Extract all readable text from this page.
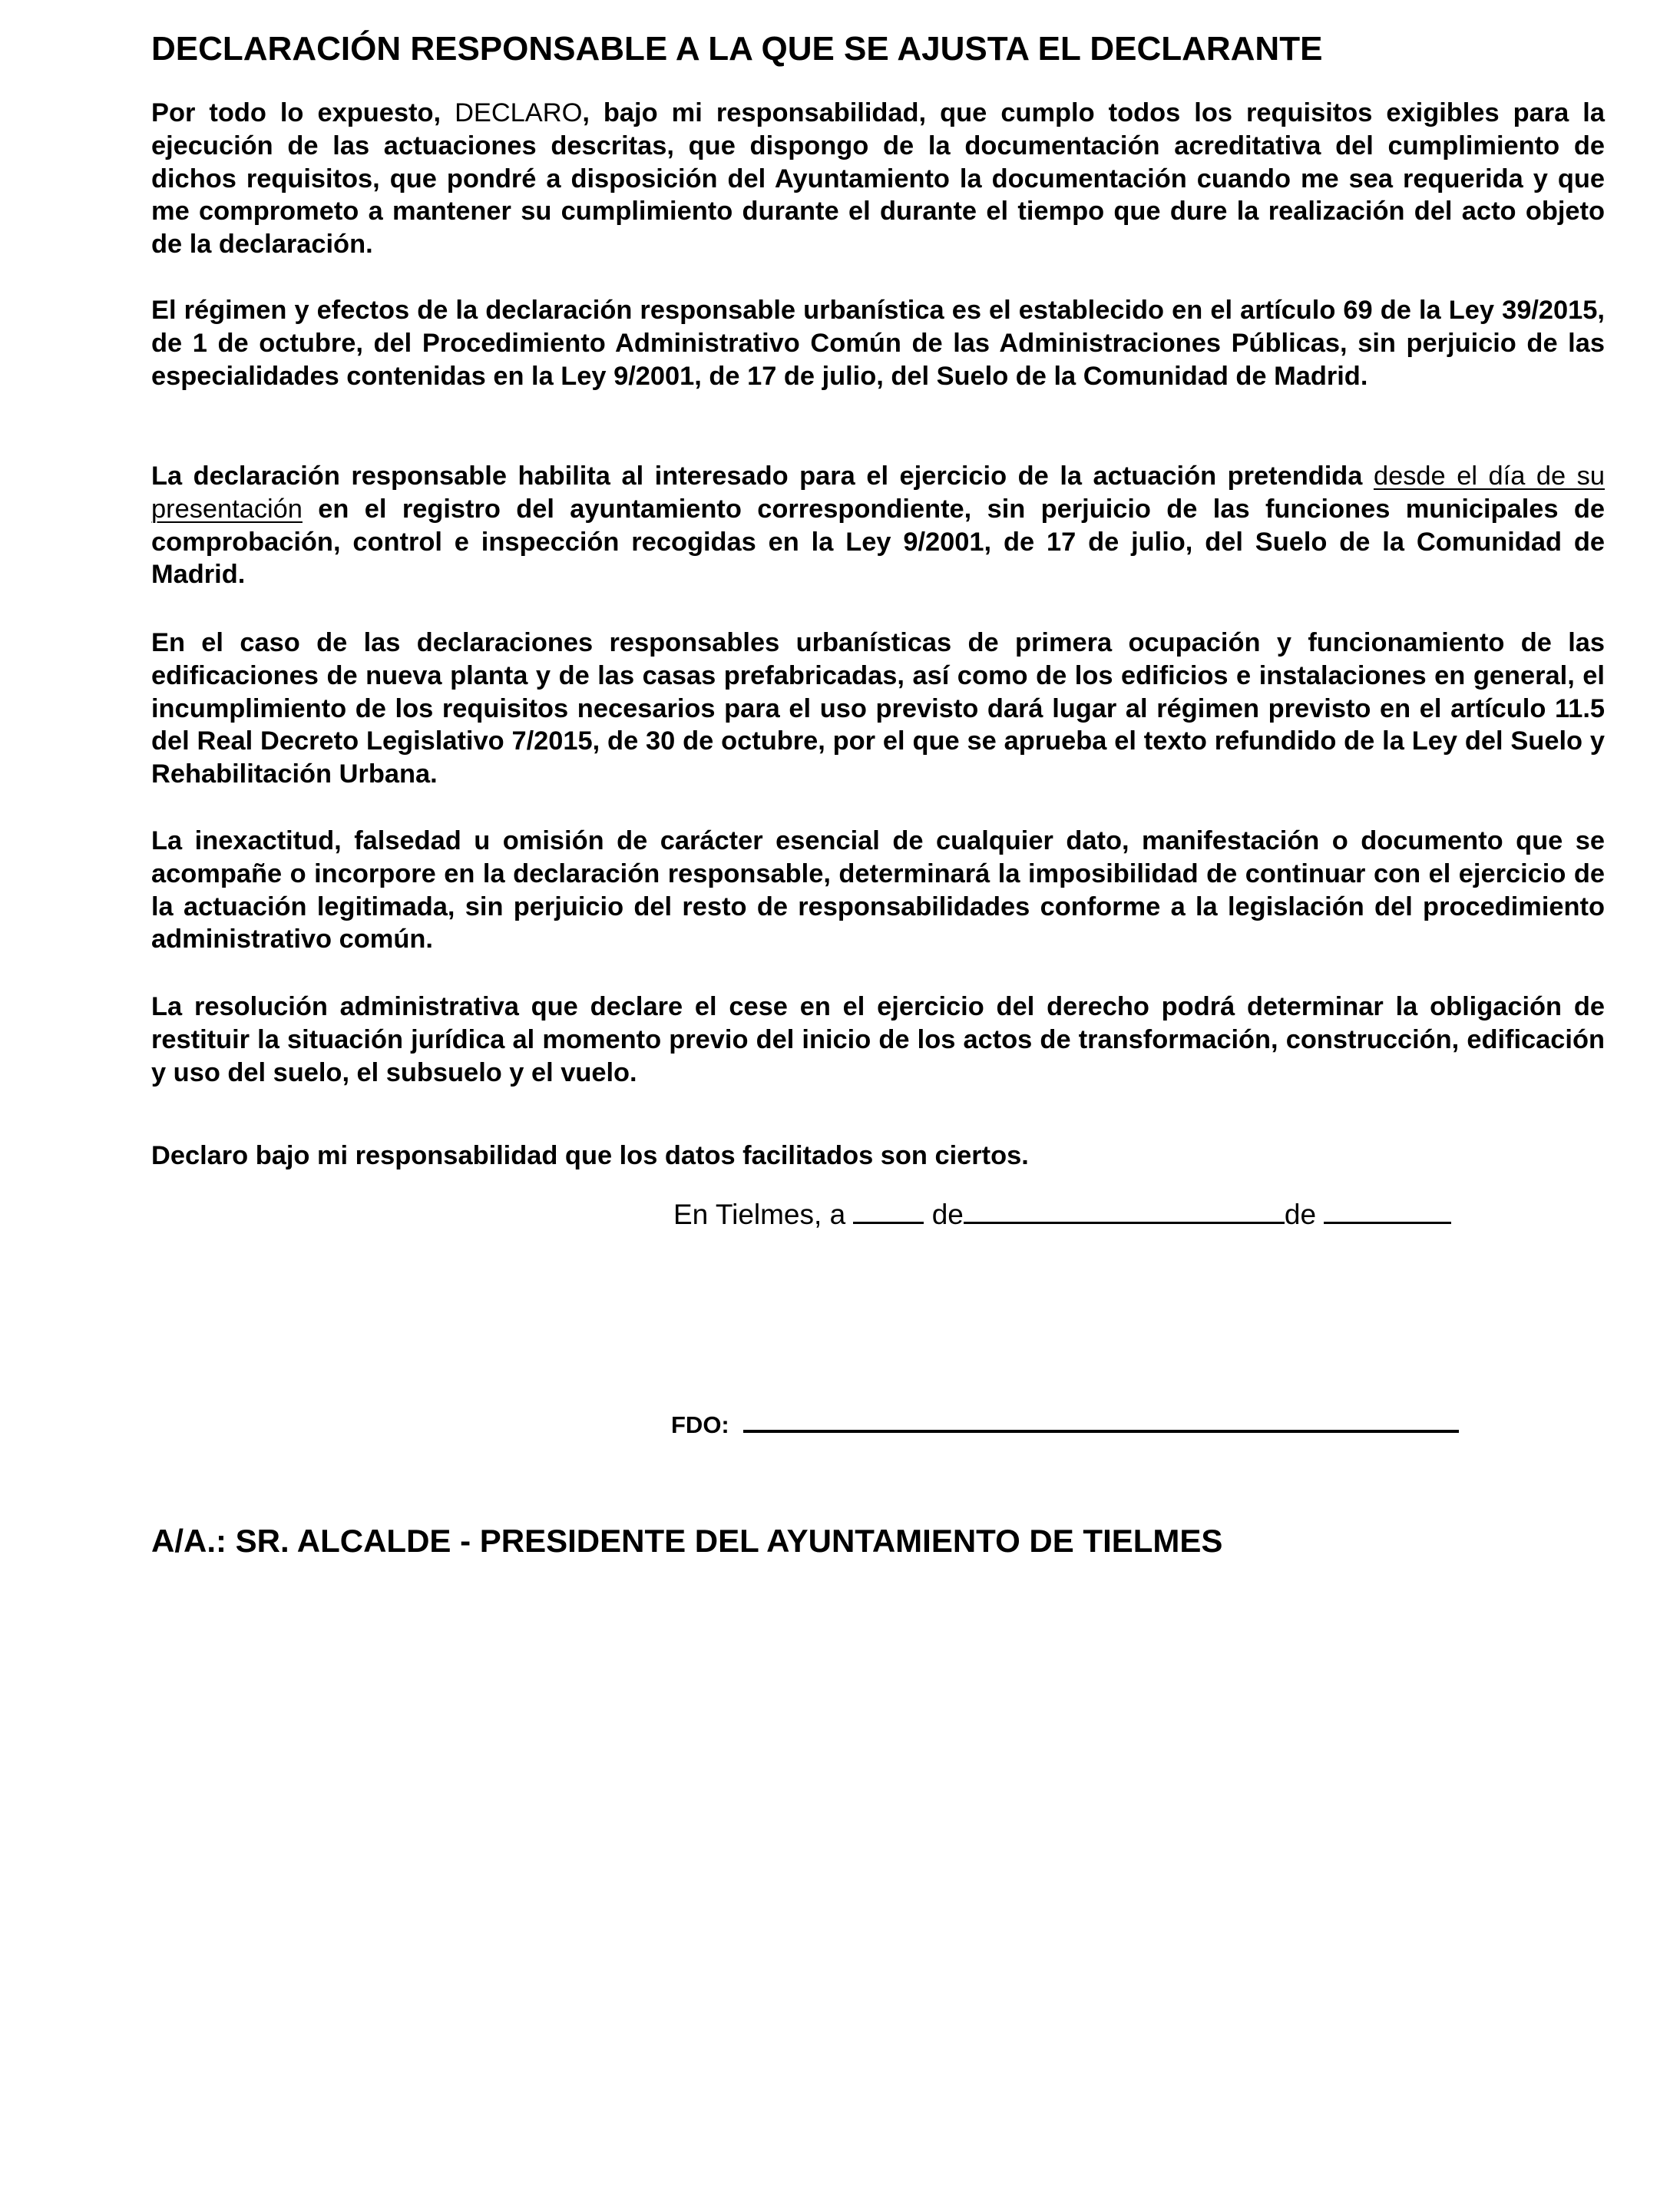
DECLARACIÓN RESPONSABLE A LA QUE SE AJUSTA EL DECLARANTE

Por todo lo expuesto, DECLARO, bajo mi responsabilidad, que cumplo todos los requisitos exigibles para la ejecución de las actuaciones descritas, que dispongo de la documentación acreditativa del cumplimiento de dichos requisitos, que pondré a disposición del Ayuntamiento la documentación cuando me sea requerida y que me comprometo a mantener su cumplimiento durante el durante el tiempo que dure la realización del acto objeto de la declaración.

El régimen y efectos de la declaración responsable urbanística es el establecido en el artículo 69 de la Ley 39/2015, de 1 de octubre, del Procedimiento Administrativo Común de las Administraciones Públicas, sin perjuicio de las especialidades contenidas en la Ley 9/2001, de 17 de julio, del Suelo de la Comunidad de Madrid.

La declaración responsable habilita al interesado para el ejercicio de la actuación pretendida desde el día de su presentación en el registro del ayuntamiento correspondiente, sin perjuicio de las funciones municipales de comprobación, control e inspección recogidas en la Ley 9/2001, de 17 de julio, del Suelo de la Comunidad de Madrid.

En el caso de las declaraciones responsables urbanísticas de primera ocupación y funcionamiento de las edificaciones de nueva planta y de las casas prefabricadas, así como de los edificios e instalaciones en general, el incumplimiento de los requisitos necesarios para el uso previsto dará lugar al régimen previsto en el artículo 11.5 del Real Decreto Legislativo 7/2015, de 30 de octubre, por el que se aprueba el texto refundido de la Ley del Suelo y Rehabilitación Urbana.

La inexactitud, falsedad u omisión de carácter esencial de cualquier dato, manifestación o documento que se acompañe o incorpore en la declaración responsable, determinará la imposibilidad de continuar con el ejercicio de la actuación legitimada, sin perjuicio del resto de responsabilidades conforme a la legislación del procedimiento administrativo común.

La resolución administrativa que declare el cese en el ejercicio del derecho podrá determinar la obligación de restituir la situación jurídica al momento previo del inicio de los actos de transformación, construcción, edificación y uso del suelo, el subsuelo y el vuelo.

Declaro bajo mi responsabilidad que los datos facilitados son ciertos.

En Tielmes, a	de	de
FDO:

A/A.: SR. ALCALDE - PRESIDENTE DEL AYUNTAMIENTO DE TIELMES
